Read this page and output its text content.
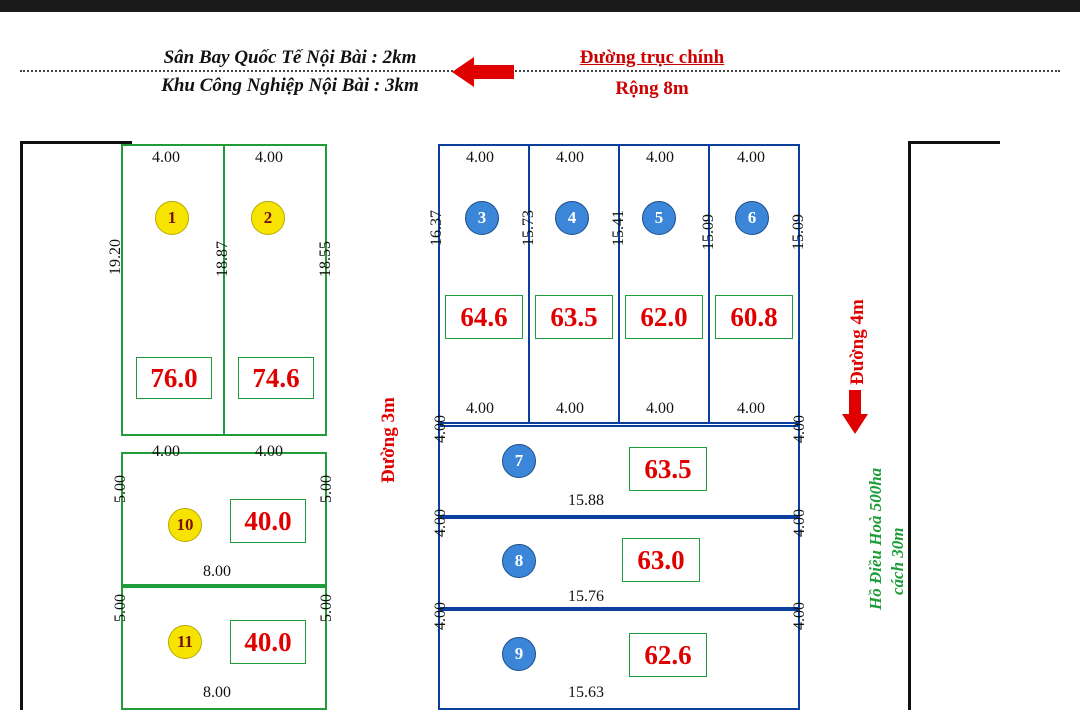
Sân Bay Quốc Tế Nội Bài : 2km
Khu Công Nghiệp Nội Bài : 3km
Đường trục chính
Rộng 8m
4.00	4.00
1	2
19.20	18.87	18.55
76.0	74.6
4.00	4.00
10	40.0
5.00	5.00
8.00
11	40.0
5.00	5.00
8.00
Đường 3m
4.00	4.00	4.00	4.00
3	4	5	6
16.37	15.73	15.41	15.09	15.09
64.6	63.5	62.0	60.8
4.00	4.00	4.00	4.00
7
8
9
63.5
63.0
62.6
4.00	4.00
15.88
4.00	4.00
15.76
4.00	4.00
15.63
Đường 4m
Hồ Điều Hoà 500ha cách 30m
